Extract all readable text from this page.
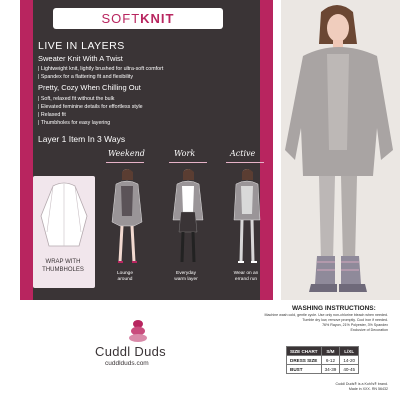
SOFTKNIT
LIVE IN LAYERS
Sweater Knit With A Twist
| Lightweight knit, lightly brushed for ultra-soft comfort
| Spandex for a flattering fit and flexibility
Pretty, Cozy When Chilling Out
| Soft, relaxed fit without the bulk
| Elevated feminine details for effortless style
| Relaxed fit
| Thumbholes for easy layering
Layer 1 Item In 3 Ways
WRAP WITH
THUMBHOLES
Weekend	Work	Active
Lounge
around
Everyday
warm layer
Wear on an
errand run
Cuddl Duds
cuddlduds.com
WASHING INSTRUCTIONS:
Machine wash cold, gentle cycle. Use only non-chlorine bleach when needed.
Tumble dry low, remove promptly. Cool iron if needed.
76% Rayon, 21% Polyester, 3% Spandex
Exclusive of Decoration
SIZE CHART	S/M	L/XL
DRESS SIZE	6-12	14-20
BUST	34-39	40-45
Cuddl Duds® is a Kohl's® brand.
Made in XXX. RN 56432
